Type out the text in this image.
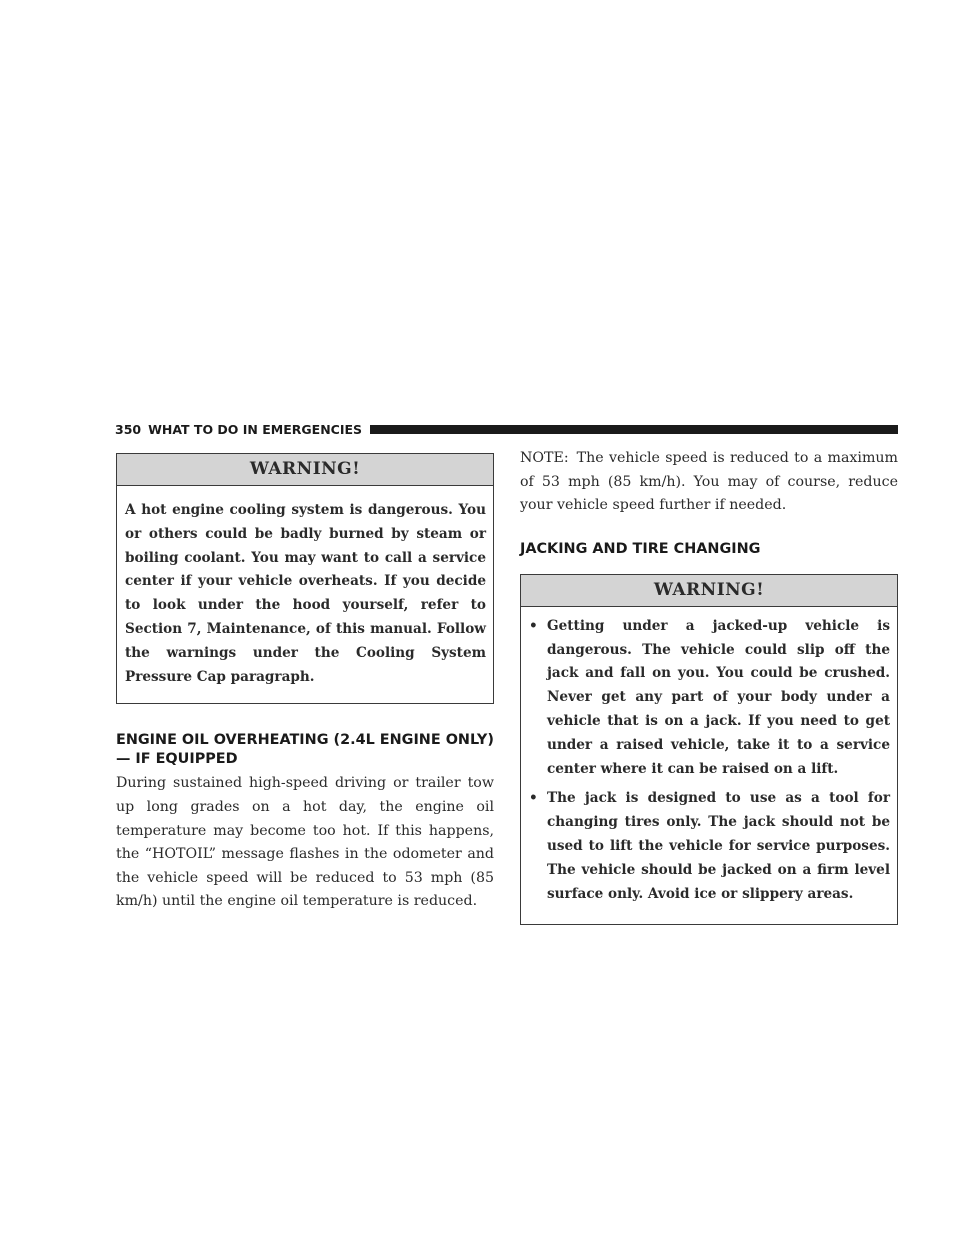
350 WHAT TO DO IN EMERGENCIES
WARNING!
A hot engine cooling system is dangerous. You or others could be badly burned by steam or boiling coolant. You may want to call a service center if your vehicle overheats. If you decide to look under the hood yourself, refer to Section 7, Maintenance, of this manual. Follow the warnings under the Cooling System Pressure Cap paragraph.
ENGINE OIL OVERHEATING (2.4L ENGINE ONLY)
— IF EQUIPPED
During sustained high-speed driving or trailer tow up long grades on a hot day, the engine oil temperature may become too hot. If this happens, the “HOTOIL” message flashes in the odometer and the vehicle speed will be reduced to 53 mph (85 km/h) until the engine oil temperature is reduced.
NOTE: The vehicle speed is reduced to a maximum of 53 mph (85 km/h). You may of course, reduce your vehicle speed further if needed.
JACKING AND TIRE CHANGING
WARNING!
• Getting under a jacked-up vehicle is dangerous. The vehicle could slip off the jack and fall on you. You could be crushed. Never get any part of your body under a vehicle that is on a jack. If you need to get under a raised vehicle, take it to a service center where it can be raised on a lift.
• The jack is designed to use as a tool for changing tires only. The jack should not be used to lift the vehicle for service purposes. The vehicle should be jacked on a firm level surface only. Avoid ice or slippery areas.
